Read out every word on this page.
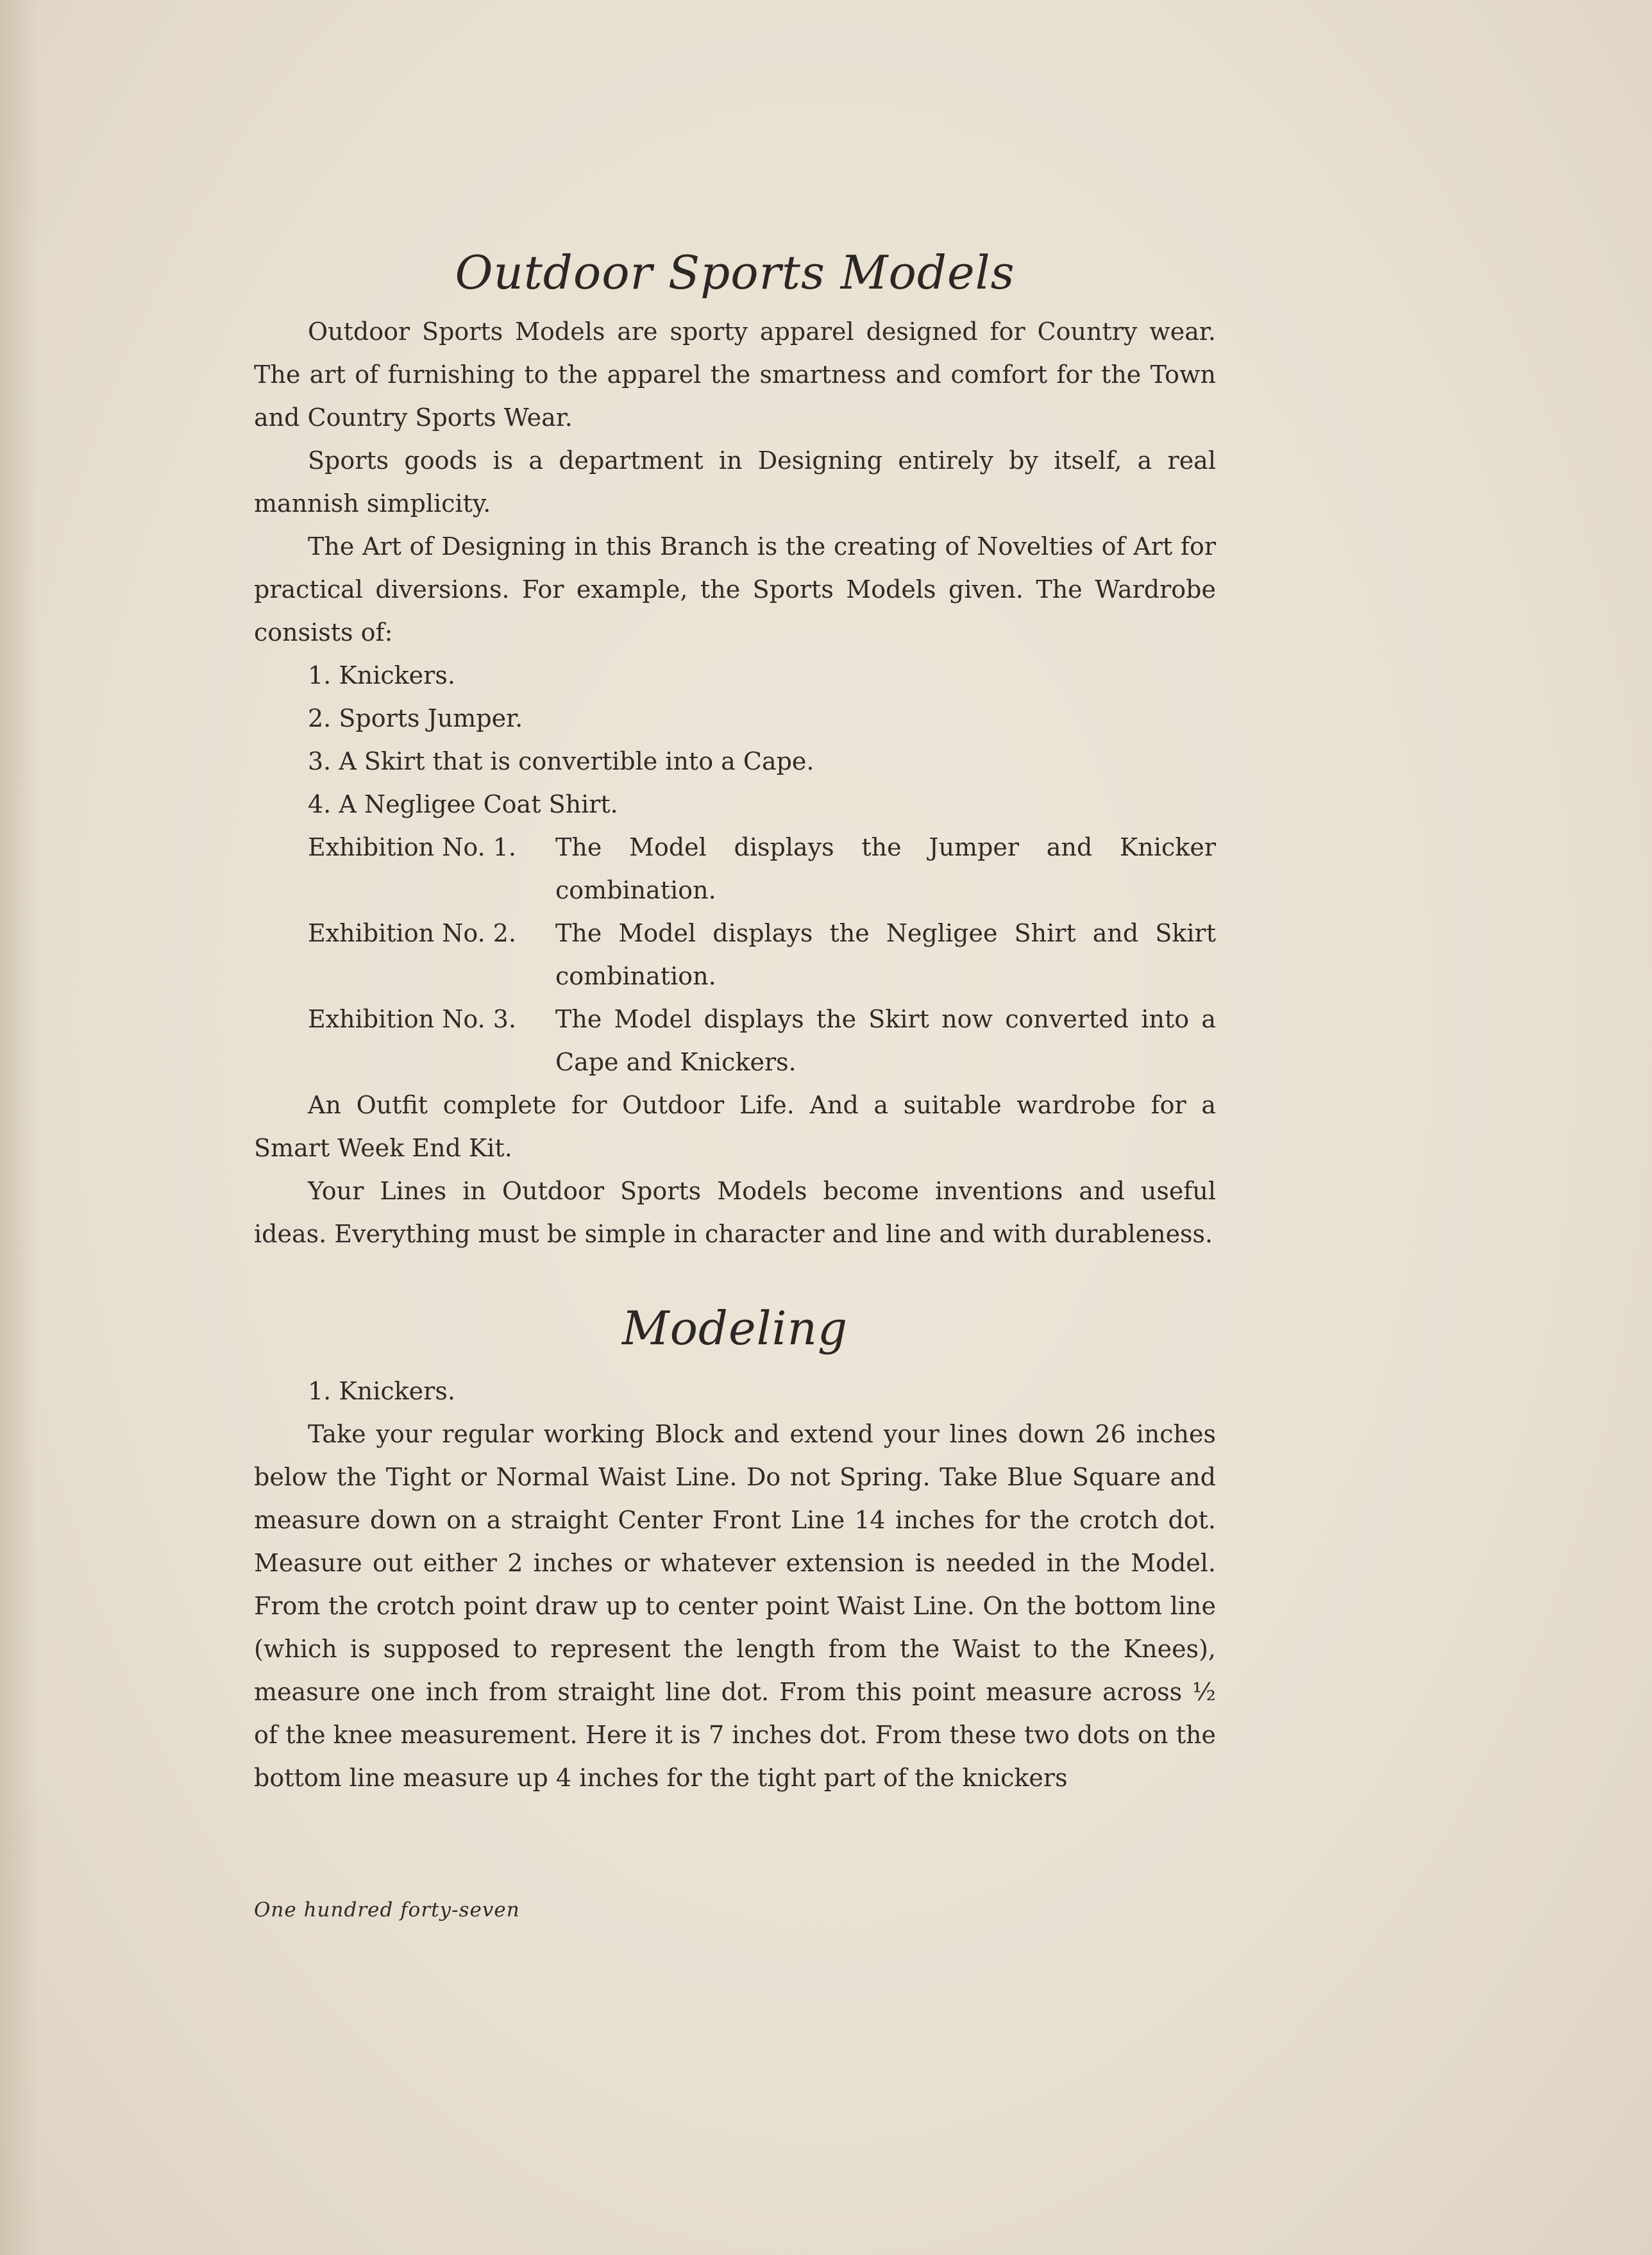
Outdoor Sports Models

Outdoor Sports Models are sporty apparel designed for Country wear. The art of furnishing to the apparel the smartness and comfort for the Town and Country Sports Wear.

Sports goods is a department in Designing entirely by itself, a real mannish simplicity.

The Art of Designing in this Branch is the creating of Novelties of Art for practical diversions. For example, the Sports Models given. The Wardrobe consists of:

1. Knickers.
2. Sports Jumper.
3. A Skirt that is convertible into a Cape.
4. A Negligee Coat Shirt.
Exhibition No. 1.	The Model displays the Jumper and Knicker
combination.
Exhibition No. 2.	The Model displays the Negligee Shirt and Skirt
combination.
Exhibition No. 3.	The Model displays the Skirt now converted into a
Cape and Knickers.

An Outfit complete for Outdoor Life. And a suitable wardrobe for a Smart Week End Kit.

Your Lines in Outdoor Sports Models become inventions and useful ideas. Everything must be simple in character and line and with durableness.

Modeling
1. Knickers.

Take your regular working Block and extend your lines down 26 inches below the Tight or Normal Waist Line. Do not Spring. Take Blue Square and measure down on a straight Center Front Line 14 inches for the crotch dot. Measure out either 2 inches or whatever extension is needed in the Model. From the crotch point draw up to center point Waist Line. On the bottom line (which is supposed to represent the length from the Waist to the Knees), measure one inch from straight line dot. From this point measure across ½ of the knee measurement. Here it is 7 inches dot. From these two dots on the bottom line measure up 4 inches for the tight part of the knickers

One hundred forty-seven
